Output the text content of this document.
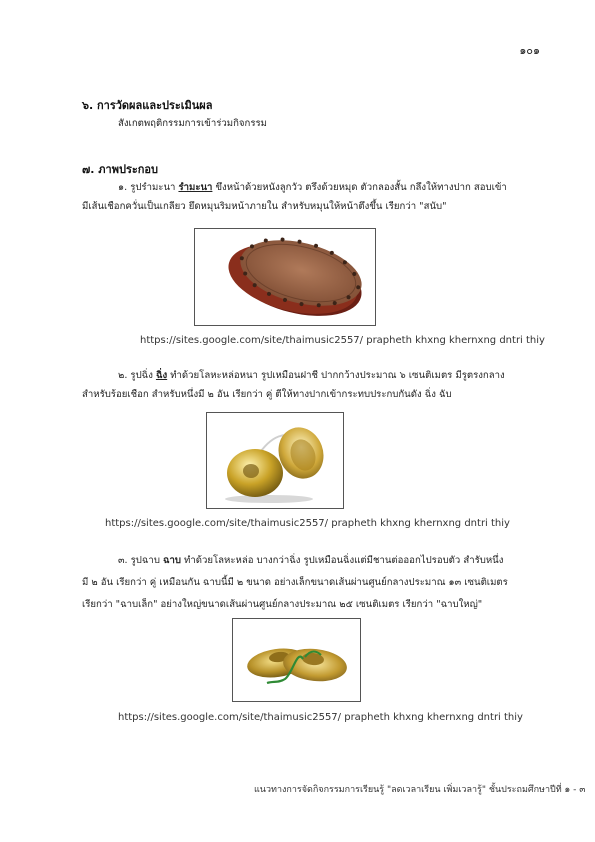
๑๐๑
๖. การวัดผลและประเมินผล
สังเกตพฤติกรรมการเข้าร่วมกิจกรรม
๗. ภาพประกอบ
๑. รูปรำมะนา รำมะนา ขึงหน้าด้วยหนังลูกวัว ตรึงด้วยหมุด ตัวกลองสั้น กลึงให้ทางปาก สอบเข้า
มีเส้นเชือกควั่นเป็นเกลียว ยึดหมุนริมหน้าภายใน สำหรับหมุนให้หน้าตึงขึ้น เรียกว่า "สนับ"
https://sites.google.com/site/thaimusic2557/ prapheth khxng khernxng dntri thiy
๒. รูปฉิ่ง ฉิ่ง ทำด้วยโลหะหล่อหนา รูปเหมือนฝาชี ปากกว้างประมาณ ๖ เซนติเมตร มีรูตรงกลาง
สำหรับร้อยเชือก สำหรับหนึ่งมี ๒ อัน เรียกว่า คู่ ตีให้ทางปากเข้ากระทบประกบกันดัง ฉิ่ง ฉับ
https://sites.google.com/site/thaimusic2557/ prapheth khxng khernxng dntri thiy
๓. รูปฉาบ ฉาบ ทำด้วยโลหะหล่อ บางกว่าฉิ่ง รูปเหมือนฉิ่งแต่มีชานต่อออกไปรอบตัว สำรับหนึ่ง
มี ๒ อัน เรียกว่า คู่ เหมือนกัน ฉาบนี้มี ๒ ขนาด อย่างเล็กขนาดเส้นผ่านศูนย์กลางประมาณ ๑๓ เซนติเมตร
เรียกว่า "ฉาบเล็ก" อย่างใหญ่ขนาดเส้นผ่านศูนย์กลางประมาณ ๒๕ เซนติเมตร เรียกว่า "ฉาบใหญ่"
https://sites.google.com/site/thaimusic2557/ prapheth khxng khernxng dntri thiy
แนวทางการจัดกิจกรรมการเรียนรู้ "ลดเวลาเรียน เพิ่มเวลารู้" ชั้นประถมศึกษาปีที่ ๑ - ๓
